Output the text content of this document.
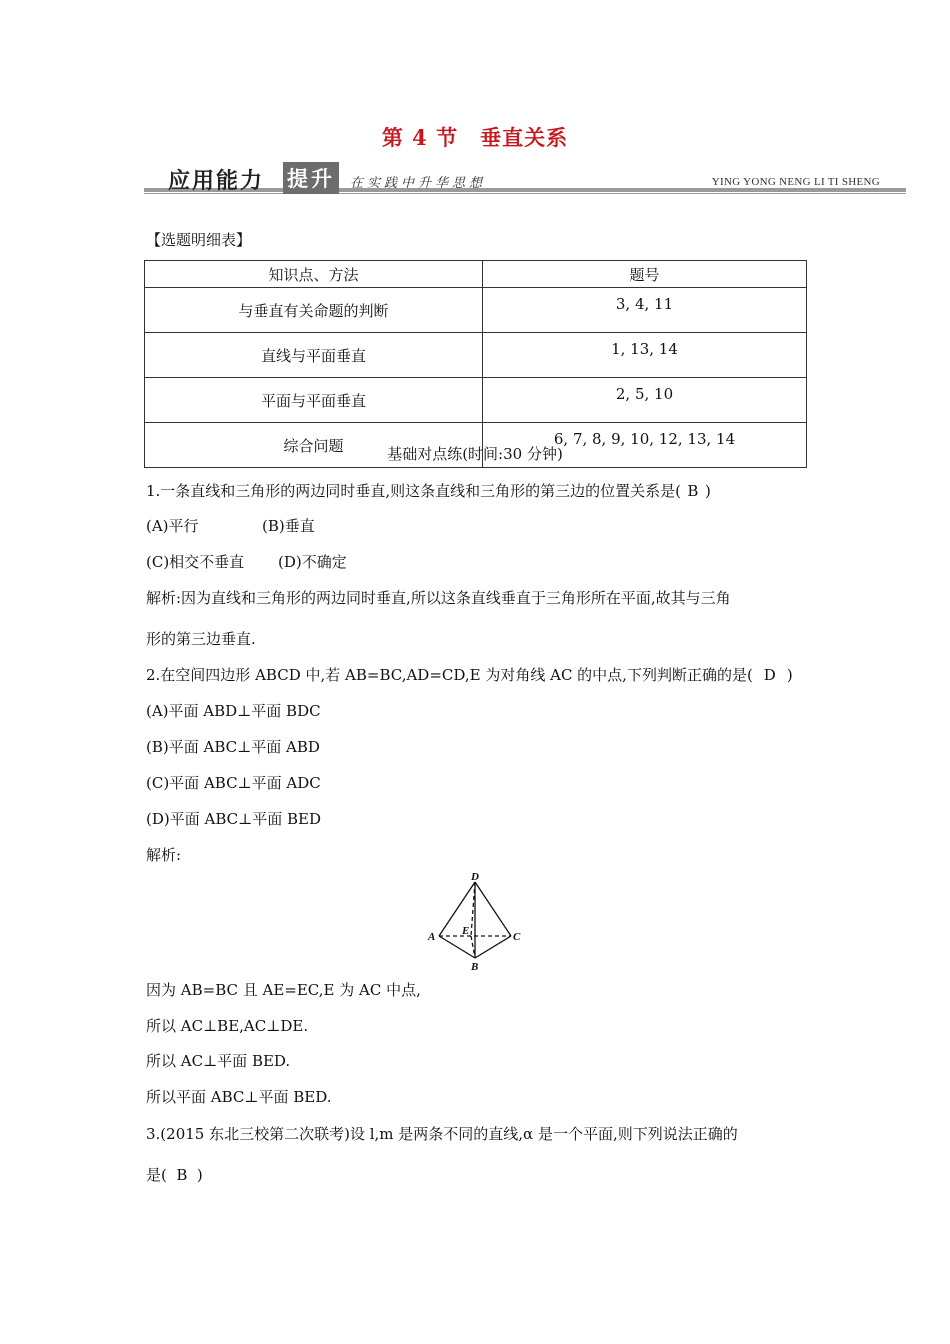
第 4 节　垂直关系
应用能力 提升	在实践中升华思想	YING YONG NENG LI TI SHENG
【选题明细表】
知识点、方法	题号
与垂直有关命题的判断	3, 4, 11
直线与平面垂直	1, 13, 14
平面与平面垂直	2, 5, 10
综合问题	6, 7, 8, 9, 10, 12, 13, 14
基础对点练(时间:30 分钟)
1.一条直线和三角形的两边同时垂直,则这条直线和三角形的第三边的位置关系是( B )
(A)平行	(B)垂直
(C)相交不垂直 (D)不确定
解析:因为直线和三角形的两边同时垂直,所以这条直线垂直于三角形所在平面,故其与三角
形的第三边垂直.
2.在空间四边形 ABCD 中,若 AB=BC,AD=CD,E 为对角线 AC 的中点,下列判断正确的是( D )
(A)平面 ABD⊥平面 BDC
(B)平面 ABC⊥平面 ABD
(C)平面 ABC⊥平面 ADC
(D)平面 ABC⊥平面 BED
解析:
D
A	C
B
E
因为 AB=BC 且 AE=EC,E 为 AC 中点,
所以 AC⊥BE,AC⊥DE.
所以 AC⊥平面 BED.
所以平面 ABC⊥平面 BED.
3.(2015 东北三校第二次联考)设 l,m 是两条不同的直线,α 是一个平面,则下列说法正确的
是( B )
